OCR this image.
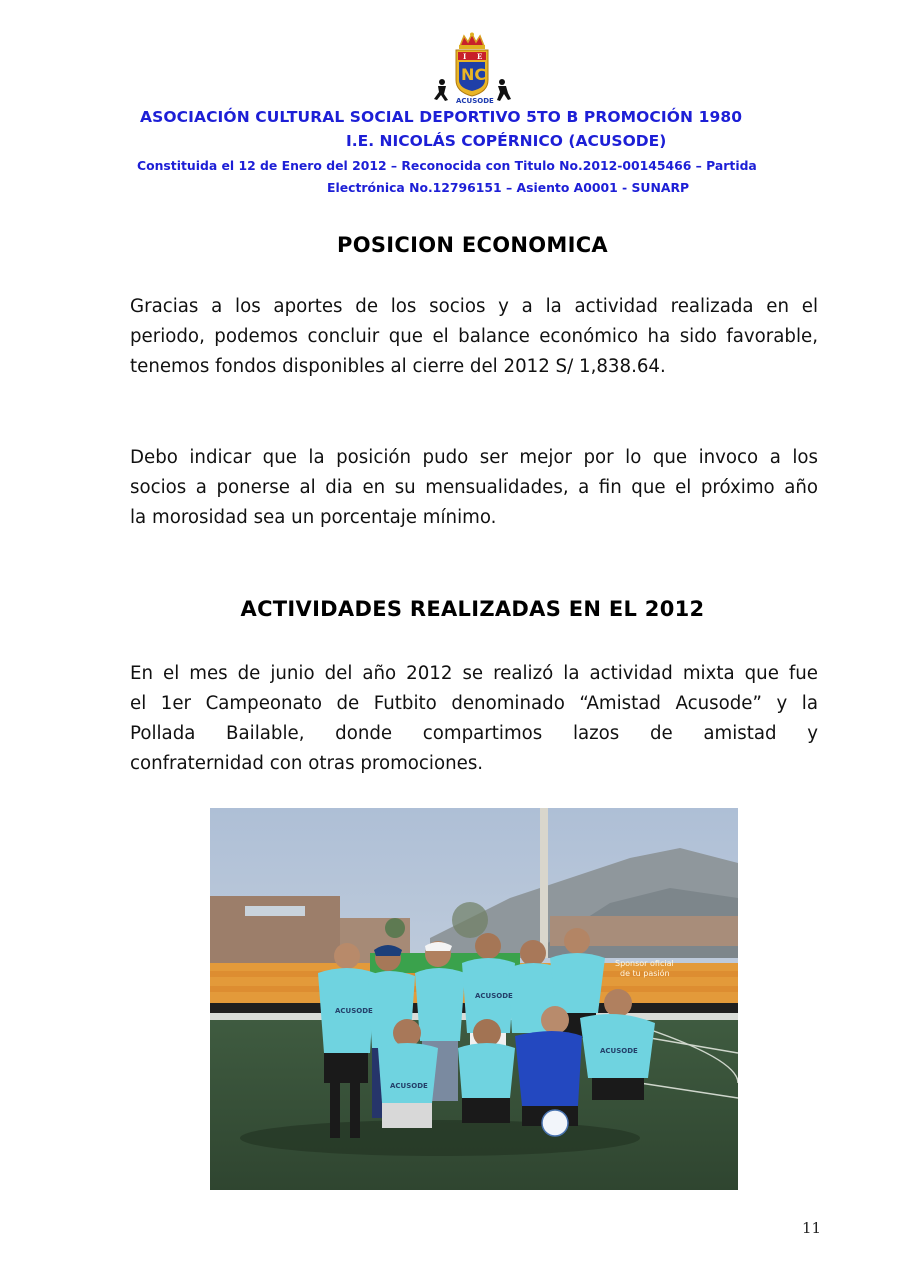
I E
NC
ACUSODE
ASOCIACIÓN CULTURAL SOCIAL DEPORTIVO 5TO B PROMOCIÓN 1980
I.E. NICOLÁS COPÉRNICO (ACUSODE)
Constituida el 12 de Enero del 2012 – Reconocida con Titulo No.2012-00145466 – Partida
Electrónica No.12796151 – Asiento A0001 - SUNARP
POSICION ECONOMICA
Gracias a los aportes de los socios y a la actividad realizada en el
periodo, podemos concluir que el balance económico ha sido favorable,
tenemos fondos disponibles al cierre del 2012 S/ 1,838.64.
Debo indicar que la posición pudo ser mejor por lo que invoco a los
socios a ponerse al dia en su mensualidades, a fin que el próximo año
la morosidad sea un porcentaje mínimo.
ACTIVIDADES REALIZADAS EN EL 2012
En el mes de junio del año 2012 se realizó la actividad mixta que fue
el 1er Campeonato de Futbito denominado “Amistad Acusode” y la
Pollada Bailable, donde compartimos lazos de amistad y
confraternidad con otras promociones.
Sponsor oficial
de tu pasión
ACUSODE
ACUSODE
ACUSODE
ACUSODE
11
